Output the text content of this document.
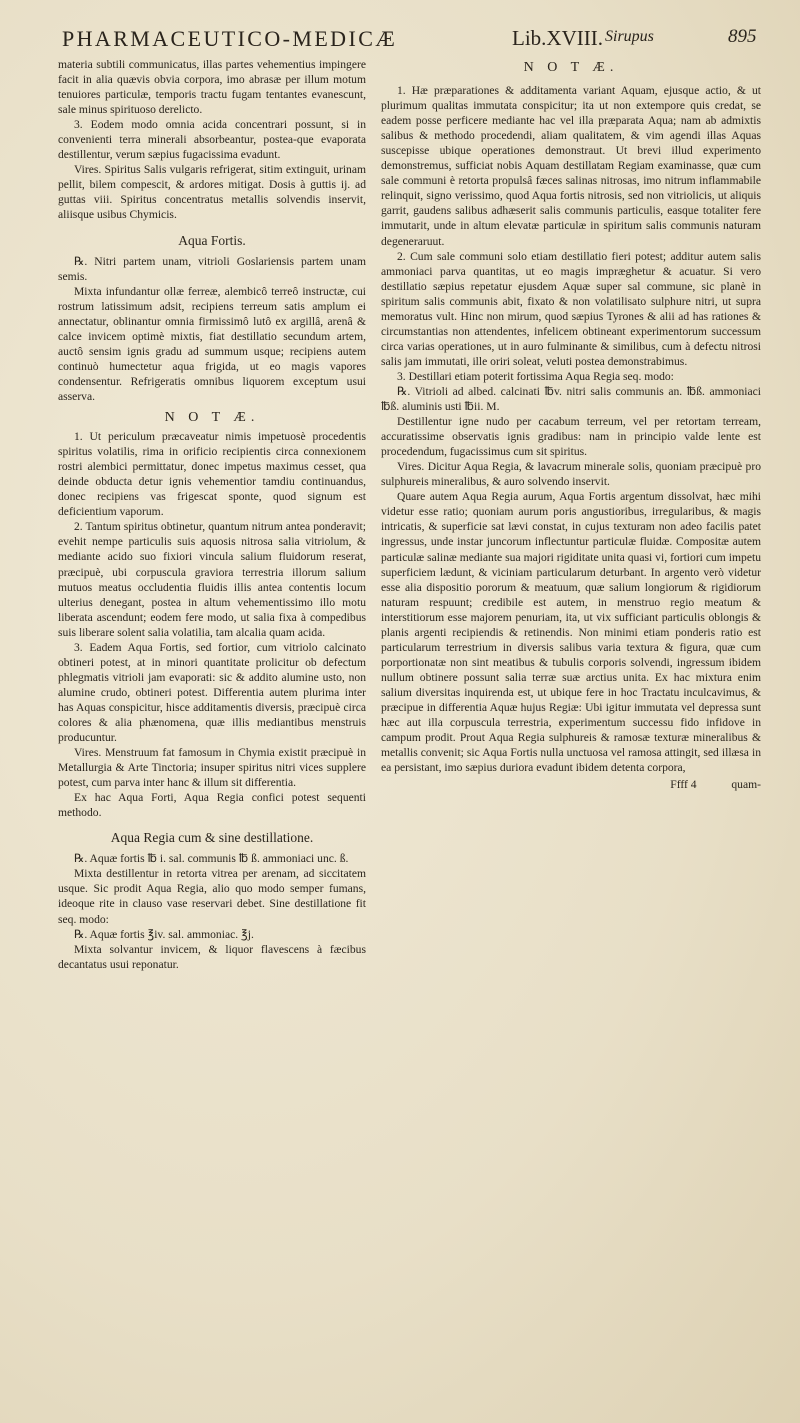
PHARMACEUTICO-MEDICÆ	Lib.XVIII. Sirupus	895

materia subtili communicatus, illas partes vehementius impingere facit in alia quævis obvia corpora, imo abrasæ per illum motum tenuiores particulæ, temporis tractu fugam tentantes evanescunt, sale minus spirituoso derelicto.

3. Eodem modo omnia acida concentrari possunt, si in convenienti terra minerali absorbeantur, postea-que evaporata destillentur, verum sæpius fugacissima evadunt.

Vires. Spiritus Salis vulgaris refrigerat, sitim extinguit, urinam pellit, bilem compescit, & ardores mitigat. Dosis à guttis ij. ad guttas viii. Spiritus concentratus metallis solvendis inservit, aliisque usibus Chymicis.

Aqua Fortis.

℞. Nitri partem unam, vitrioli Goslariensis partem unam semis.

Mixta infundantur ollæ ferreæ, alembicô terreô instructæ, cui rostrum latissimum adsit, recipiens terreum satis amplum ei annectatur, oblinantur omnia firmissimô lutô ex argillâ, arenâ & calce invicem optimè mixtis, fiat destillatio secundum artem, auctô sensim ignis gradu ad summum usque; recipiens autem continuò humectetur aqua frigida, ut eo magis vapores condensentur. Refrigeratis omnibus liquorem exceptum usui asserva.

N O T Æ.

1. Ut periculum præcaveatur nimis impetuosè procedentis spiritus volatilis, rima in orificio recipientis circa connexionem rostri alembici permittatur, donec impetus maximus cesset, qua deinde obducta detur ignis vehementior tamdiu continuandus, donec recipiens vas frigescat sponte, quod signum est deficientium vaporum.

2. Tantum spiritus obtinetur, quantum nitrum antea ponderavit; evehit nempe particulis suis aquosis nitrosa salia vitriolum, & mediante acido suo fixiori vincula salium fluidorum reserat, præcipuè, ubi corpuscula graviora terrestria illorum salium mutuos meatus occludentia fluidis illis antea contentis locum ulterius denegant, postea in altum vehementissimo illo motu liberata ascendunt; eodem fere modo, ut salia fixa à compedibus suis liberare solent salia volatilia, tam alcalia quam acida.

3. Eadem Aqua Fortis, sed fortior, cum vitriolo calcinato obtineri potest, at in minori quantitate prolicitur ob defectum phlegmatis vitrioli jam evaporati: sic & addito alumine usto, non alumine crudo, obtineri potest. Differentia autem plurima inter has Aquas conspicitur, hisce additamentis diversis, præcipuè circa colores & alia phænomena, quæ illis mediantibus menstruis producuntur.

Vires. Menstruum fat famosum in Chymia existit præcipuè in Metallurgia & Arte Tinctoria; insuper spiritus nitri vices supplere potest, cum parva inter hanc & illum sit differentia.

Ex hac Aqua Forti, Aqua Regia confici potest sequenti methodo.

Aqua Regia cum & sine destillatione.

℞. Aquæ fortis ℔ i. sal. communis ℔ ß. ammoniaci unc. ß.

Mixta destillentur in retorta vitrea per arenam, ad siccitatem usque. Sic prodit Aqua Regia, alio quo modo semper fumans, ideoque rite in clauso vase reservari debet. Sine destillatione fit seq. modo:

℞. Aquæ fortis ℥iv. sal. ammoniac. ℥j.

Mixta solvantur invicem, & liquor flavescens à fæcibus decantatus usui reponatur.

N O T Æ.

1. Hæ præparationes & additamenta variant Aquam, ejusque actio, & ut plurimum qualitas immutata conspicitur; ita ut non extempore quis credat, se eadem posse perficere mediante hac vel illa præparata Aqua; nam ab admixtis salibus & methodo procedendi, aliam qualitatem, & vim agendi illas Aquas suscepisse ubique operationes demonstraut. Ut brevi illud experimento demonstremus, sufficiat nobis Aquam destillatam Regiam examinasse, quæ cum sale communi è retorta propulsâ fæces salinas nitrosas, imo nitrum inflammabile relinquit, signo verissimo, quod Aqua fortis nitrosis, sed non vitriolicis, ut aliquis garrit, gaudens salibus adhæserit salis communis particulis, easque totaliter fere immutarit, unde in altum elevatæ particulæ in spiritum salis communis naturam degeneraruut.

2. Cum sale communi solo etiam destillatio fieri potest; additur autem salis ammoniaci parva quantitas, ut eo magis impræghetur & acuatur. Si vero destillatio sæpius repetatur ejusdem Aquæ super sal commune, sic planè in spiritum salis communis abit, fixato & non volatilisato sulphure nitri, ut supra memoratus vult. Hinc non mirum, quod sæpius Tyrones & alii ad has rationes & circumstantias non attendentes, infelicem obtineant experimentorum successum circa varias operationes, ut in auro fulminante & similibus, cum à defectu nitrosi salis jam immutati, ille oriri soleat, veluti postea demonstrabimus.

3. Destillari etiam poterit fortissima Aqua Regia seq. modo:

℞. Vitrioli ad albed. calcinati ℔v. nitri salis communis an. ℔ß. ammoniaci ℔ß. aluminis usti ℔ii. M.

Destillentur igne nudo per cacabum terreum, vel per retortam terream, accuratissime observatis ignis gradibus: nam in principio valde lente est procedendum, fugacissimus cum sit spiritus.

Vires. Dicitur Aqua Regia, & lavacrum minerale solis, quoniam præcipuè pro sulphureis mineralibus, & auro solvendo inservit.

Quare autem Aqua Regia aurum, Aqua Fortis argentum dissolvat, hæc mihi videtur esse ratio; quoniam aurum poris angustioribus, irregularibus, & magis intricatis, & superficie sat lævi constat, in cujus texturam non adeo facilis patet ingressus, unde instar juncorum inflectuntur particulæ fluidæ. Compositæ autem particulæ salinæ mediante sua majori rigiditate unita quasi vi, fortiori cum impetu superficiem lædunt, & viciniam particularum deturbant. In argento verò videtur esse alia dispositio pororum & meatuum, quæ salium longiorum & rigidiorum naturam respuunt; credibile est autem, in menstruo regio meatum & interstitiorum esse majorem penuriam, ita, ut vix sufficiant particulis oblongis & planis argenti recipiendis & retinendis. Non minimi etiam ponderis ratio est particularum terrestrium in diversis salibus varia textura & figura, quæ cum porportionatæ non sint meatibus & tubulis corporis solvendi, ingressum ibidem nullum obtinere possunt salia terræ suæ arctius unita. Ex hac mixtura enim salium diversitas inquirenda est, ut ubique fere in hoc Tractatu inculcavimus, & præcipue in differentia Aquæ hujus Regiæ: Ubi igitur immutata vel depressa sunt hæc aut illa corpuscula terrestria, experimentum successu fido infidove in campum prodit. Prout Aqua Regia sulphureis & ramosæ texturæ mineralibus & metallis convenit; sic Aqua Fortis nulla unctuosa vel ramosa attingit, sed illæsa in ea persistant, imo sæpius duriora evadunt ibidem detenta corpora,

Ffff 4	quam-
